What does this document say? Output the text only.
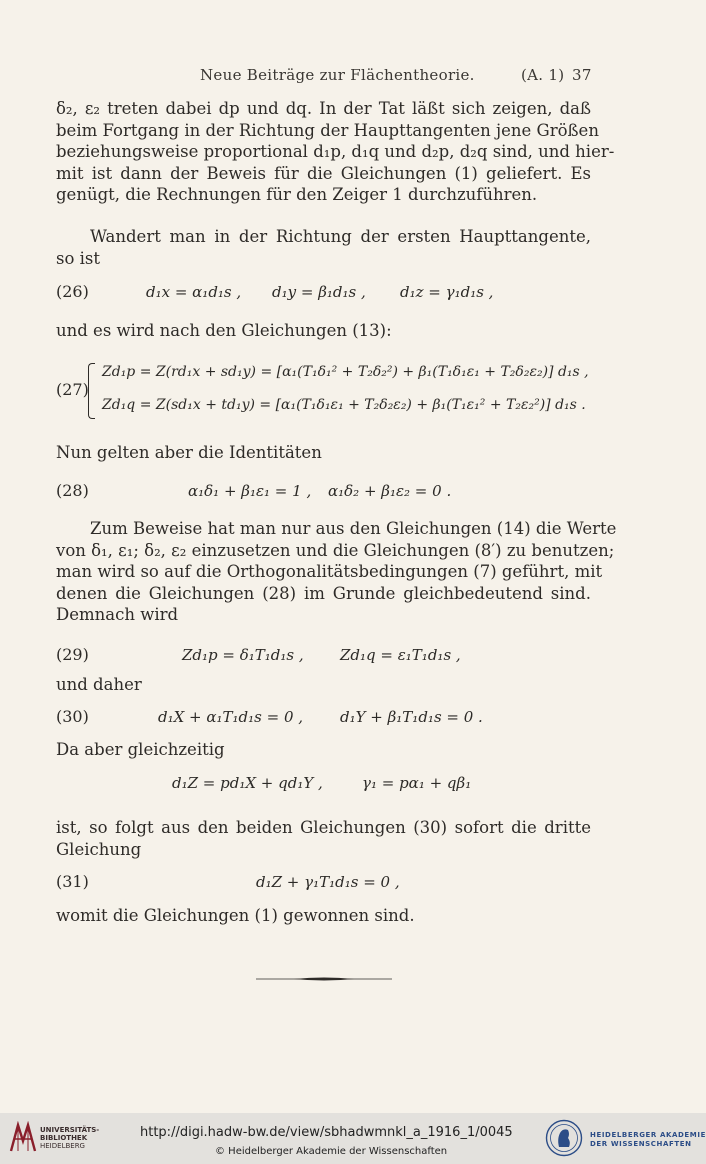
Neue Beiträge zur Flächentheorie.	(A. 1) 37
δ₂, ε₂ treten dabei dp und dq. In der Tat läßt sich zeigen, daß
beim Fortgang in der Richtung der Haupttangenten jene Größen
beziehungsweise proportional d₁p, d₁q und d₂p, d₂q sind, und hier-
mit ist dann der Beweis für die Gleichungen (1) geliefert. Es
genügt, die Rechnungen für den Zeiger 1 durchzuführen.
Wandert man in der Richtung der ersten Haupttangente,
so ist
(26)	d₁x = α₁d₁s , d₁y = β₁d₁s , d₁z = γ₁d₁s ,
und es wird nach den Gleichungen (13):
(27)
Zd₁p = Z(rd₁x + sd₁y) = [α₁(T₁δ₁² + T₂δ₂²) + β₁(T₁δ₁ε₁ + T₂δ₂ε₂)] d₁s ,
Zd₁q = Z(sd₁x + td₁y) = [α₁(T₁δ₁ε₁ + T₂δ₂ε₂) + β₁(T₁ε₁² + T₂ε₂²)] d₁s .
Nun gelten aber die Identitäten
(28)	α₁δ₁ + β₁ε₁ = 1 , α₁δ₂ + β₁ε₂ = 0 .
Zum Beweise hat man nur aus den Gleichungen (14) die Werte
von δ₁, ε₁; δ₂, ε₂ einzusetzen und die Gleichungen (8′) zu benutzen;
man wird so auf die Orthogonalitätsbedingungen (7) geführt, mit
denen die Gleichungen (28) im Grunde gleichbedeutend sind.
Demnach wird
(29)	Zd₁p = δ₁T₁d₁s , Zd₁q = ε₁T₁d₁s ,
und daher
(30)	d₁X + α₁T₁d₁s = 0 , d₁Y + β₁T₁d₁s = 0 .
Da aber gleichzeitig
d₁Z = pd₁X + qd₁Y ,	γ₁ = pα₁ + qβ₁
ist, so folgt aus den beiden Gleichungen (30) sofort die dritte
Gleichung
(31)	d₁Z + γ₁T₁d₁s = 0 ,
womit die Gleichungen (1) gewonnen sind.
UNIVERSITÄTS-
BIBLIOTHEK
HEIDELBERG
http://digi.hadw-bw.de/view/sbhadwmnkl_a_1916_1/0045
© Heidelberger Akademie der Wissenschaften
HEIDELBERGER AKADEMIE
DER WISSENSCHAFTEN
